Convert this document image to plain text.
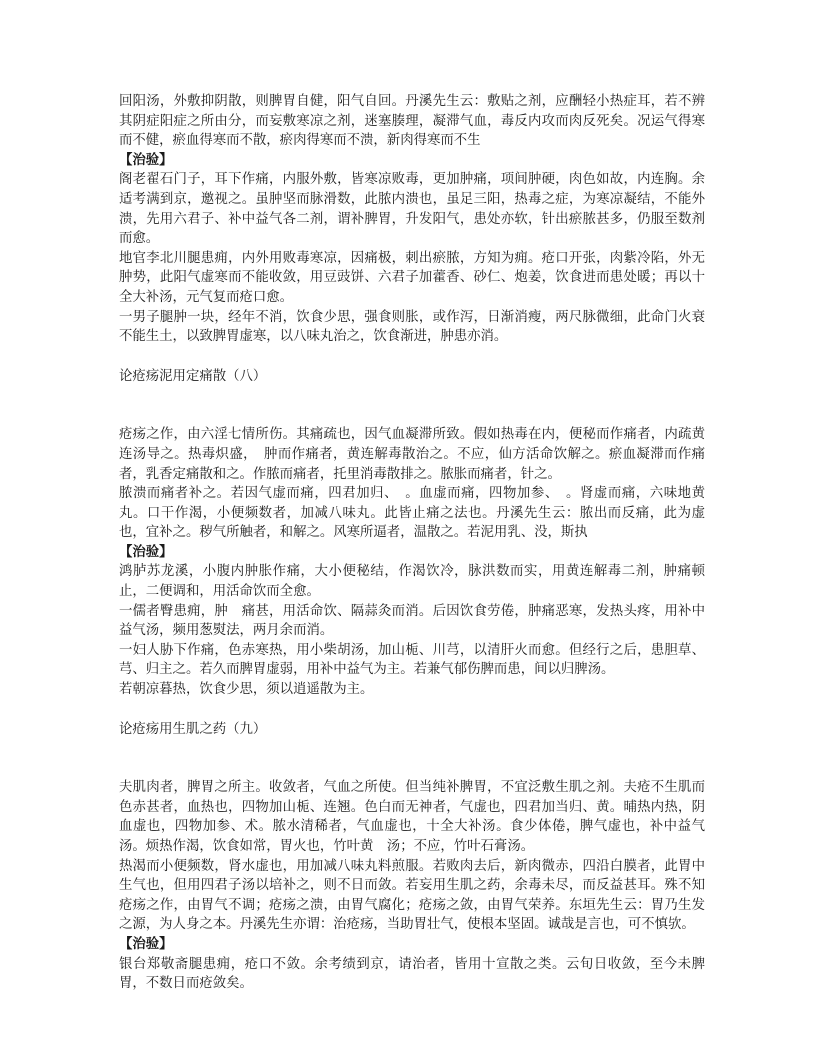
回阳汤，外敷抑阴散，则脾胃自健，阳气自回。丹溪先生云：敷贴之剂，应酬轻小热症耳，若不辨其阴症阳症之所由分，而妄敷寒凉之剂，迷塞腠理，凝滞气血，毒反内攻而肉反死矣。况运气得寒而不健，瘀血得寒而不散，瘀肉得寒而不溃，新肉得寒而不生

【治验】

阁老翟石门子，耳下作痛，内服外敷，皆寒凉败毒，更加肿痛，项间肿硬，肉色如故，内连胸。余适考满到京，邀视之。虽肿坚而脉滑数，此脓内溃也，虽足三阳，热毒之症，为寒凉凝结，不能外溃，先用六君子、补中益气各二剂，谓补脾胃，升发阳气，患处亦软，针出瘀脓甚多，仍服至数剂而愈。

地官李北川腿患痈，内外用败毒寒凉，因痛极，刺出瘀脓，方知为痈。疮口开张，肉紫冷陷，外无肿势，此阳气虚寒而不能收敛，用豆豉饼、六君子加藿香、砂仁、炮姜，饮食进而患处暖；再以十全大补汤，元气复而疮口愈。

一男子腿肿一块，经年不消，饮食少思，强食则胀，或作泻，日渐消瘦，两尺脉微细，此命门火衰不能生土，以致脾胃虚寒，以八味丸治之，饮食渐进，肿患亦消。

论疮疡泥用定痛散（八）

疮疡之作，由六淫七情所伤。其痛疏也，因气血凝滞所致。假如热毒在内，便秘而作痛者，内疏黄连汤导之。热毒炽盛，　肿而作痛者，黄连解毒散治之。不应，仙方活命饮解之。瘀血凝滞而作痛者，乳香定痛散和之。作脓而痛者，托里消毒散排之。脓胀而痛者，针之。

脓溃而痛者补之。若因气虚而痛，四君加归、　。血虚而痛，四物加参、　。肾虚而痛，六味地黄丸。口干作渴，小便频数者，加减八味丸。此皆止痛之法也。丹溪先生云：脓出而反痛，此为虚也，宜补之。秽气所触者，和解之。风寒所逼者，温散之。若泥用乳、没，斯执

【治验】

鸿胪苏龙溪，小腹内肿胀作痛，大小便秘结，作渴饮冷，脉洪数而实，用黄连解毒二剂，肿痛顿止，二便调和，用活命饮而全愈。

一儒者臀患痈，肿　痛甚，用活命饮、隔蒜灸而消。后因饮食劳倦，肿痛恶寒，发热头疼，用补中益气汤，频用葱熨法，两月余而消。

一妇人胁下作痛，色赤寒热，用小柴胡汤，加山栀、川芎，以清肝火而愈。但经行之后，患胆草、芎、归主之。若久而脾胃虚弱，用补中益气为主。若兼气郁伤脾而患，间以归脾汤。

若朝凉暮热，饮食少思，须以逍遥散为主。

论疮疡用生肌之药（九）

夫肌肉者，脾胃之所主。收敛者，气血之所使。但当纯补脾胃，不宜泛敷生肌之剂。夫疮不生肌而色赤甚者，血热也，四物加山栀、连翘。色白而无神者，气虚也，四君加当归、黄。晡热内热，阴血虚也，四物加参、术。脓水清稀者，气血虚也，十全大补汤。食少体倦，脾气虚也，补中益气汤。烦热作渴，饮食如常，胃火也，竹叶黄　汤；不应，竹叶石膏汤。

热渴而小便频数，肾水虚也，用加减八味丸料煎服。若败肉去后，新肉微赤，四沿白膜者，此胃中生气也，但用四君子汤以培补之，则不日而敛。若妄用生肌之药，余毒未尽，而反益甚耳。殊不知疮疡之作，由胃气不调；疮疡之溃，由胃气腐化；疮疡之敛，由胃气荣养。东垣先生云：胃乃生发之源，为人身之本。丹溪先生亦谓：治疮疡，当助胃壮气，使根本坚固。诚哉是言也，可不慎欤。

【治验】

银台郑敬斋腿患痈，疮口不敛。余考绩到京，请治者，皆用十宣散之类。云旬日收敛，至今未脾胃，不数日而疮敛矣。
